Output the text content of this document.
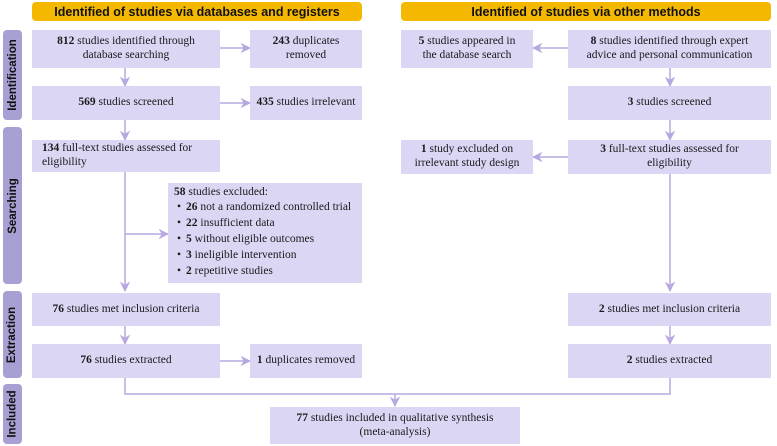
Identified of studies via databases and registers	Identified of studies via other methods
Identification
Searching
Extraction
Included
812 studies identified through
database searching
243 duplicates
removed
569 studies screened	435 studies irrelevant
134 full-text studies assessed for
eligibility
58 studies excluded:
• 26 not a randomized controlled trial
• 22 insufficient data
• 5 without eligible outcomes
• 3 ineligible intervention
• 2 repetitive studies
76 studies met inclusion criteria
76 studies extracted	1 duplicates removed
5 studies appeared in
the database search
8 studies identified through expert
advice and personal communication
3 studies screened
1 study excluded on
irrelevant study design
3 full-text studies assessed for
eligibility
2 studies met inclusion criteria
2 studies extracted
77 studies included in qualitative synthesis
(meta-analysis)
